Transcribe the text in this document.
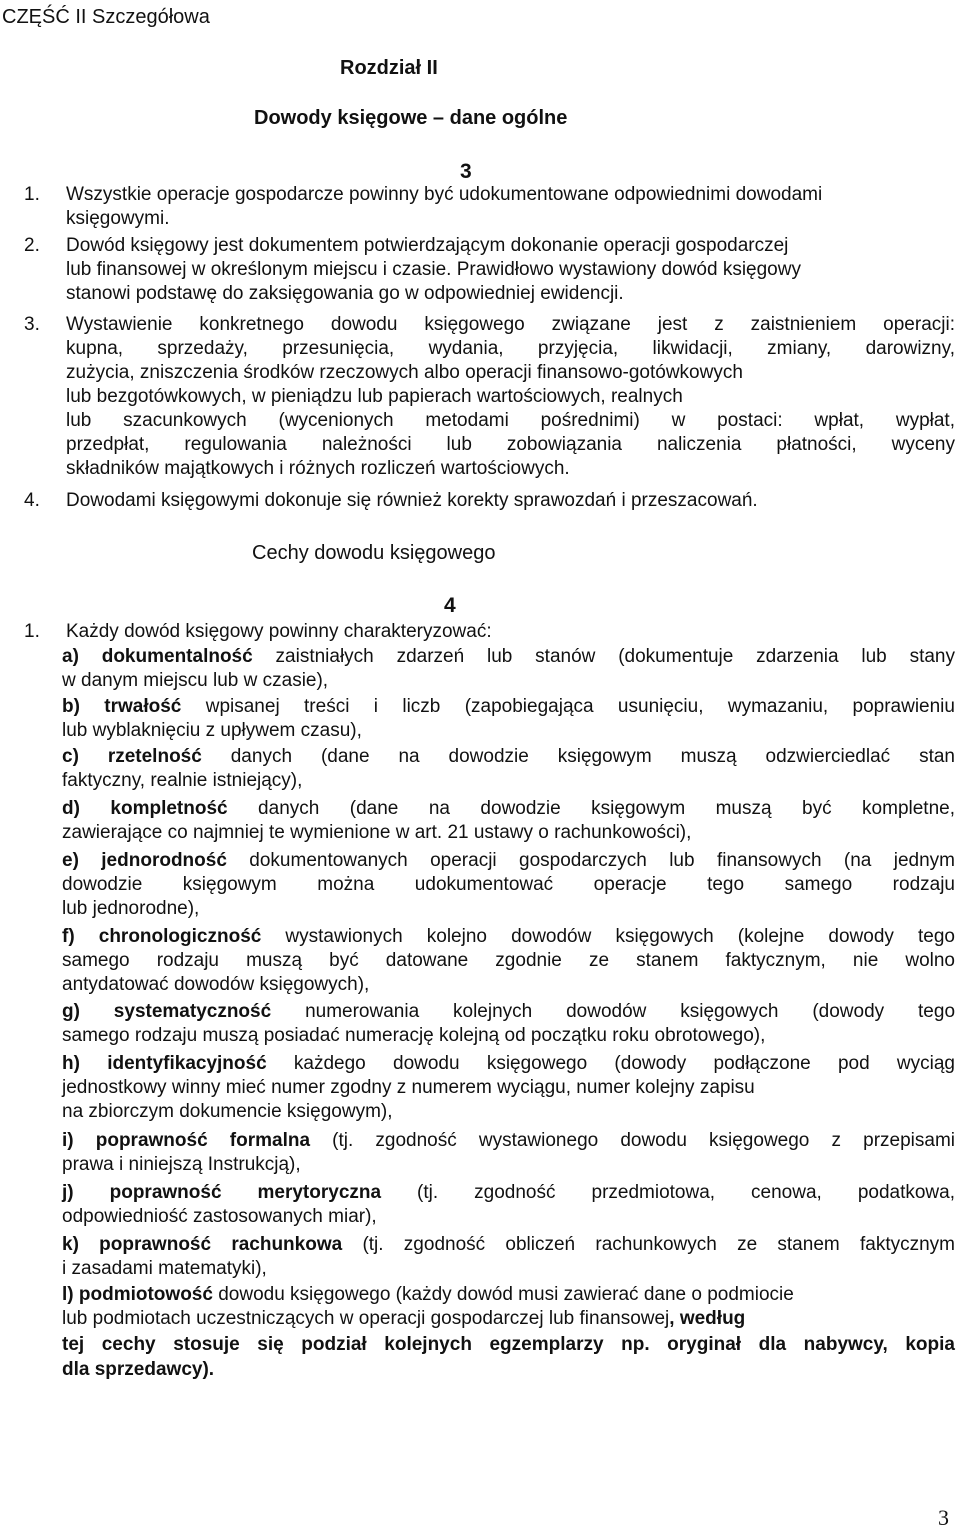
CZĘŚĆ II Szczegółowa
Rozdział II
Dowody księgowe – dane ogólne
3
1. Wszystkie operacje gospodarcze powinny być udokumentowane odpowiednimi dowodami
księgowymi.
2. Dowód księgowy jest dokumentem potwierdzającym dokonanie operacji gospodarczej
lub finansowej w określonym miejscu i czasie. Prawidłowo wystawiony dowód księgowy
stanowi podstawę do zaksięgowania go w odpowiedniej ewidencji.
3. Wystawienie konkretnego dowodu księgowego związane jest z zaistnieniem operacji:
kupna, sprzedaży, przesunięcia, wydania, przyjęcia, likwidacji, zmiany, darowizny,
zużycia, zniszczenia środków rzeczowych albo operacji finansowo-gotówkowych
lub bezgotówkowych, w pieniądzu lub papierach wartościowych, realnych
lub szacunkowych (wycenionych metodami pośrednimi) w postaci: wpłat, wypłat,
przedpłat, regulowania należności lub zobowiązania naliczenia płatności, wyceny
składników majątkowych i różnych rozliczeń wartościowych.
4. Dowodami księgowymi dokonuje się również korekty sprawozdań i przeszacowań.
Cechy dowodu księgowego
4
1. Każdy dowód księgowy powinny charakteryzować:
a) dokumentalność zaistniałych zdarzeń lub stanów (dokumentuje zdarzenia lub stany
w danym miejscu lub w czasie),
b) trwałość wpisanej treści i liczb (zapobiegająca usunięciu, wymazaniu, poprawieniu
lub wyblaknięciu z upływem czasu),
c) rzetelność danych (dane na dowodzie księgowym muszą odzwierciedlać stan
faktyczny, realnie istniejący),
d) kompletność danych (dane na dowodzie księgowym muszą być kompletne,
zawierające co najmniej te wymienione w art. 21 ustawy o rachunkowości),
e) jednorodność dokumentowanych operacji gospodarczych lub finansowych (na jednym
dowodzie księgowym można udokumentować operacje tego samego rodzaju
lub jednorodne),
f) chronologiczność wystawionych kolejno dowodów księgowych (kolejne dowody tego
samego rodzaju muszą być datowane zgodnie ze stanem faktycznym, nie wolno
antydatować dowodów księgowych),
g) systematyczność numerowania kolejnych dowodów księgowych (dowody tego
samego rodzaju muszą posiadać numerację kolejną od początku roku obrotowego),
h) identyfikacyjność każdego dowodu księgowego (dowody podłączone pod wyciąg
jednostkowy winny mieć numer zgodny z numerem wyciągu, numer kolejny zapisu
na zbiorczym dokumencie księgowym),
i) poprawność formalna (tj. zgodność wystawionego dowodu księgowego z przepisami
prawa i niniejszą Instrukcją),
j) poprawność merytoryczna (tj. zgodność przedmiotowa, cenowa, podatkowa,
odpowiedniość zastosowanych miar),
k) poprawność rachunkowa (tj. zgodność obliczeń rachunkowych ze stanem faktycznym
i zasadami matematyki),
l) podmiotowość dowodu księgowego (każdy dowód musi zawierać dane o podmiocie
lub podmiotach uczestniczących w operacji gospodarczej lub finansowej, według
tej cechy stosuje się podział kolejnych egzemplarzy np. oryginał dla nabywcy, kopia
dla sprzedawcy).
3
